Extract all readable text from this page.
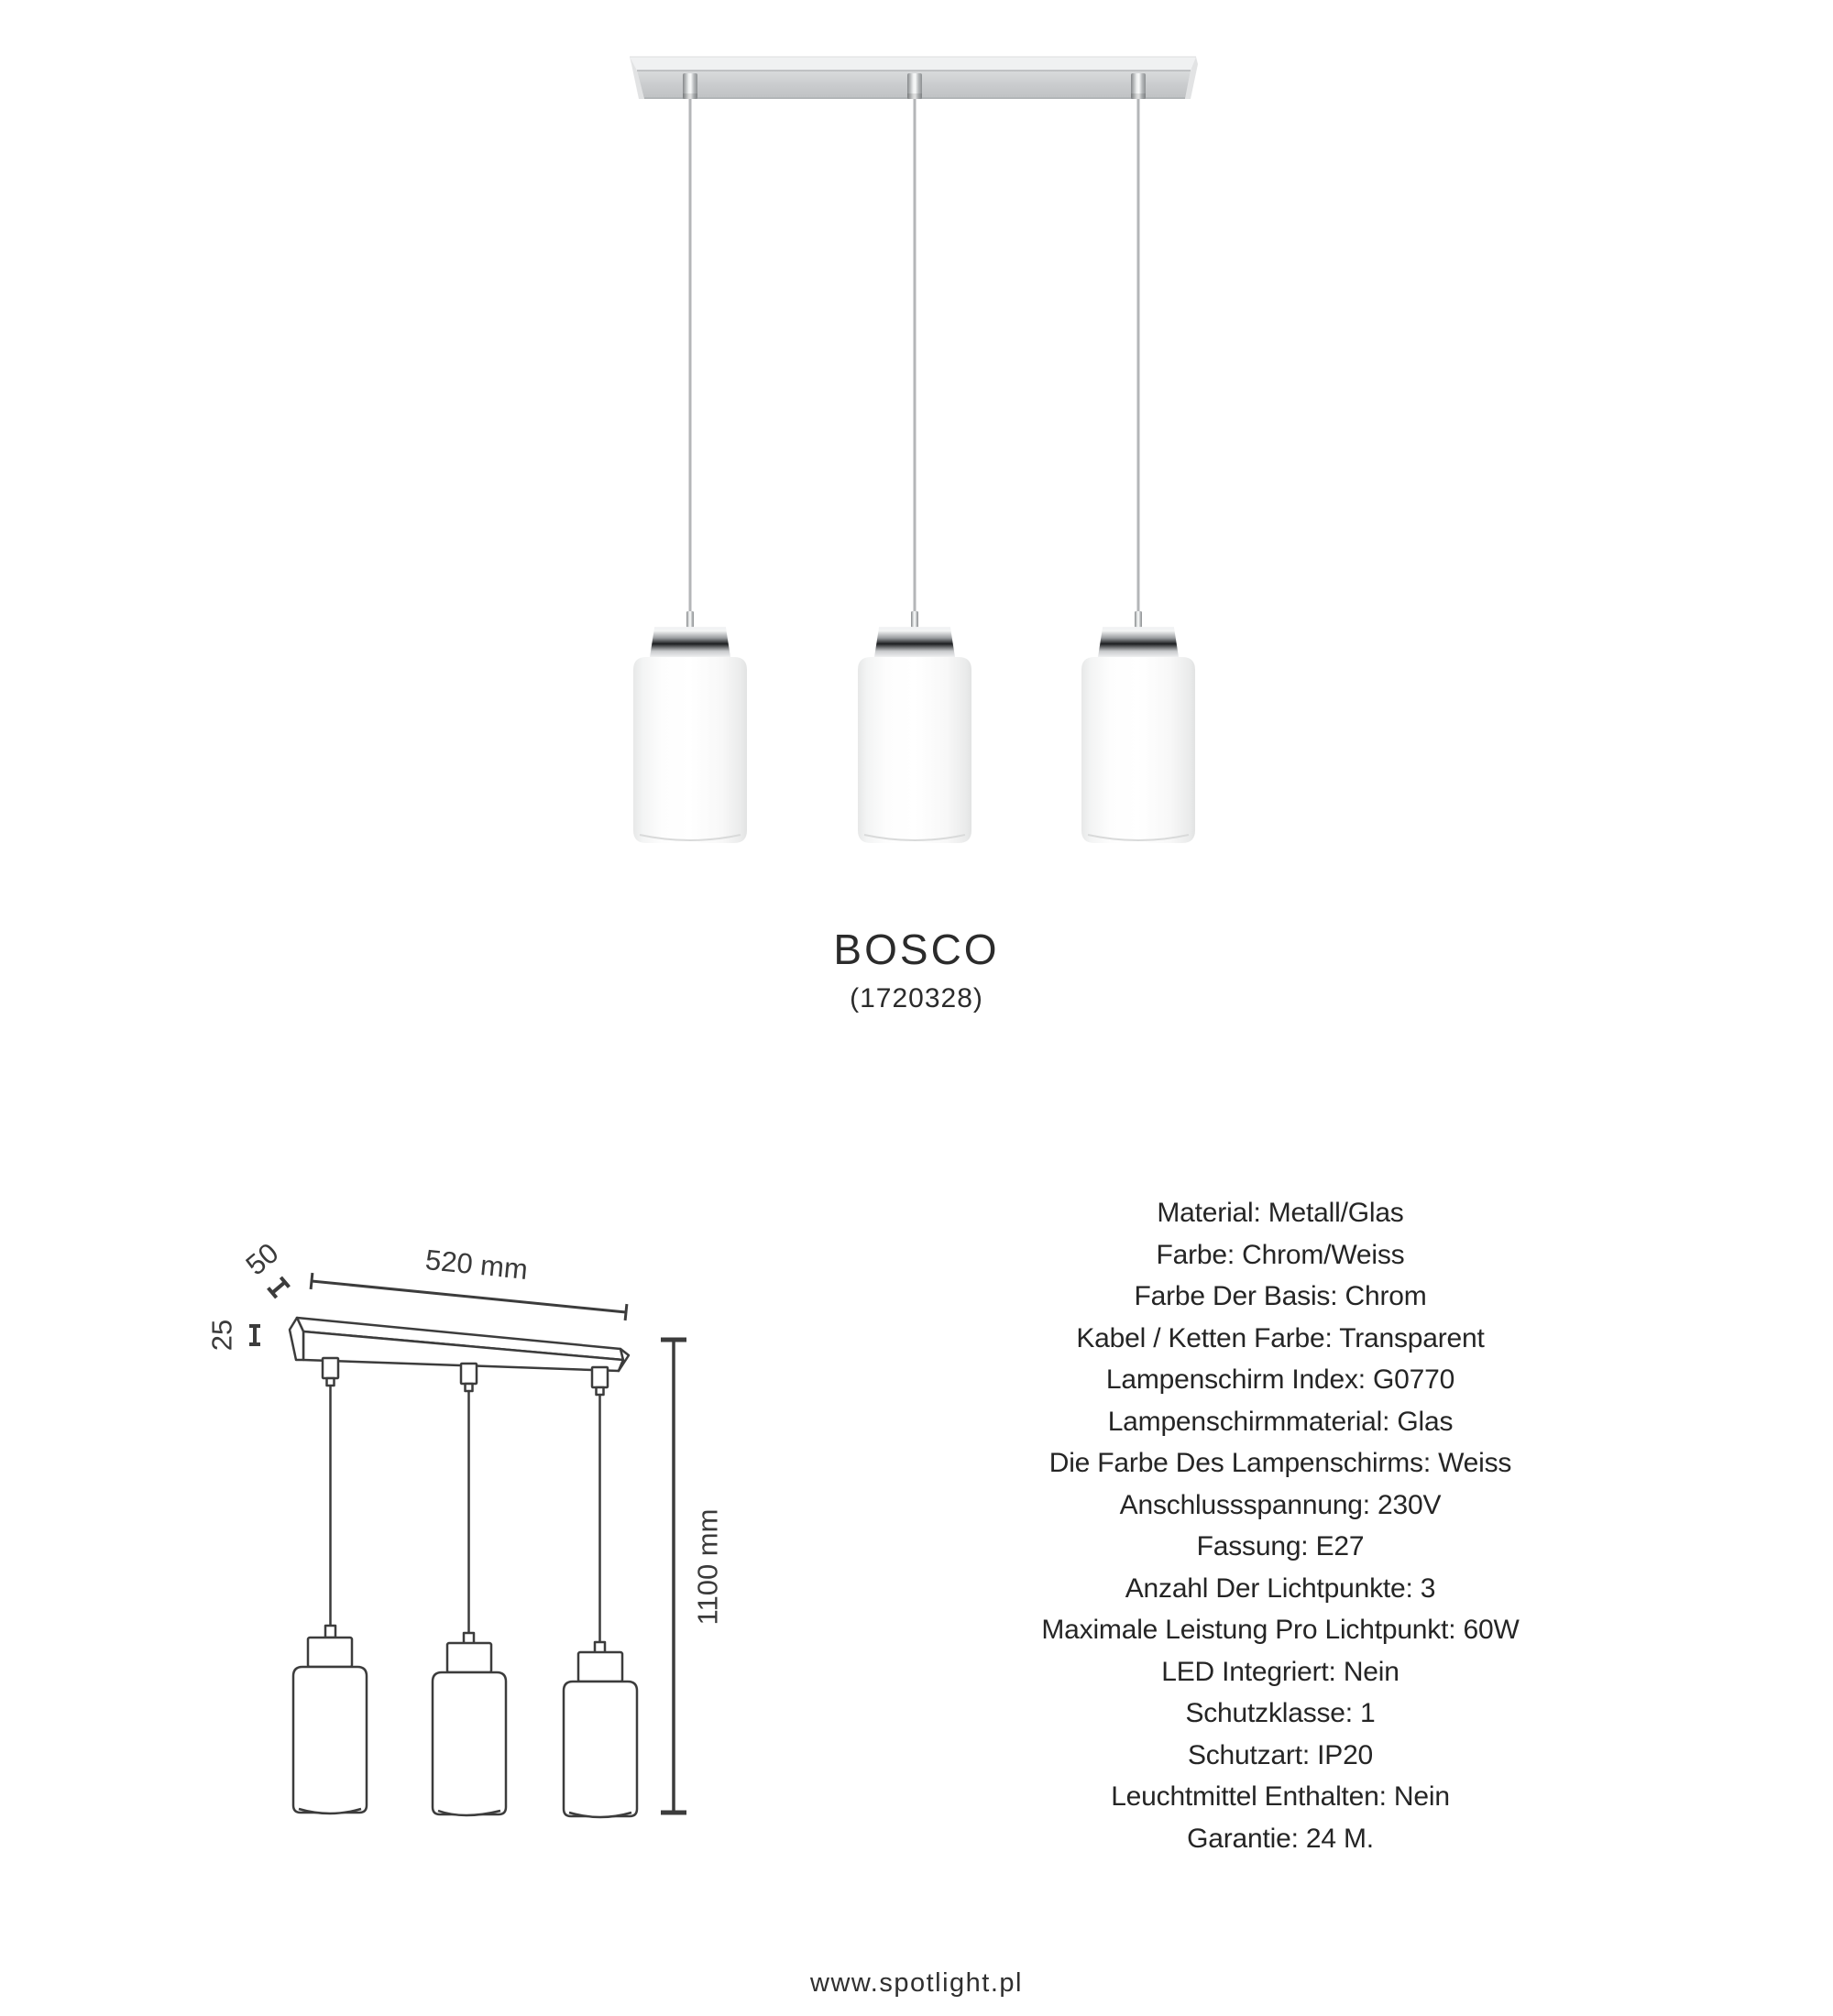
BOSCO
(1720328)
520 mm
1100 mm
50
25
Material: Metall/Glas
Farbe: Chrom/Weiss
Farbe Der Basis: Chrom
Kabel / Ketten Farbe: Transparent
Lampenschirm Index: G0770
Lampenschirmmaterial: Glas
Die Farbe Des Lampenschirms: Weiss
Anschlussspannung: 230V
Fassung: E27
Anzahl Der Lichtpunkte: 3
Maximale Leistung Pro Lichtpunkt: 60W
LED Integriert: Nein
Schutzklasse: 1
Schutzart: IP20
Leuchtmittel Enthalten: Nein
Garantie: 24 M.
www.spotlight.pl
